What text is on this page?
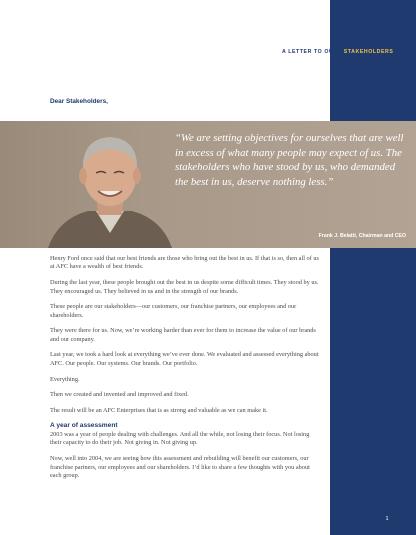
A LETTER TO OUR	STAKEHOLDERS
Dear Stakeholders,
“We are setting objectives for ourselves that are well in excess of what many people may expect of us. The stakeholders who have stood by us, who demanded the best in us, deserve nothing less.”
Frank J. Belatti, Chairman and CEO

Henry Ford once said that our best friends are those who bring out the best in us. If that is so, then all of us at AFC have a wealth of best friends.

During the last year, these people brought out the best in us despite some difficult times. They stood by us. They encouraged us. They believed in us and in the strength of our brands.

These people are our stakeholders—our customers, our franchise partners, our employees and our shareholders.

They were there for us. Now, we’re working harder than ever for them to increase the value of our brands and our company.

Last year, we took a hard look at everything we’ve ever done. We evaluated and assessed everything about AFC. Our people. Our systems. Our brands. Our portfolio.

Everything.

Then we created and invented and improved and fixed.

The result will be an AFC Enterprises that is as strong and valuable as we can make it.

A year of assessment

2003 was a year of people dealing with challenges. And all the while, not losing their focus. Not losing their capacity to do their job. Not giving in. Not giving up.

Now, well into 2004, we are seeing how this assessment and rebuilding will benefit our customers, our franchise partners, our employees and our shareholders. I’d like to share a few thoughts with you about each group.

1
